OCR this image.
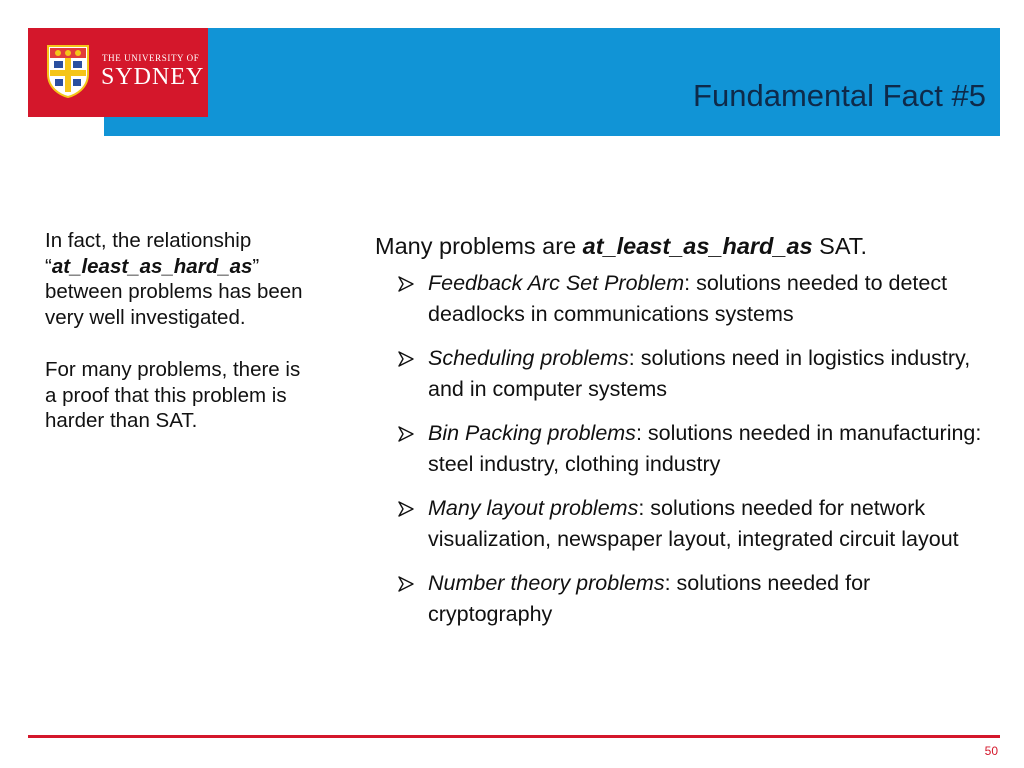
Fundamental Fact #5
THE UNIVERSITY OF
SYDNEY

In fact, the relationship “at_least_as_hard_as” between problems has been very well investigated.

For many problems, there is a proof that this problem is harder than SAT.

Many problems are at_least_as_hard_as SAT.
Feedback Arc Set Problem: solutions needed to detect deadlocks in communications systems
Scheduling problems: solutions need in logistics industry, and in computer systems
Bin Packing problems: solutions needed in manufacturing: steel industry, clothing industry
Many layout problems: solutions needed for network visualization, newspaper layout, integrated circuit layout
Number theory problems: solutions needed for cryptography
50
